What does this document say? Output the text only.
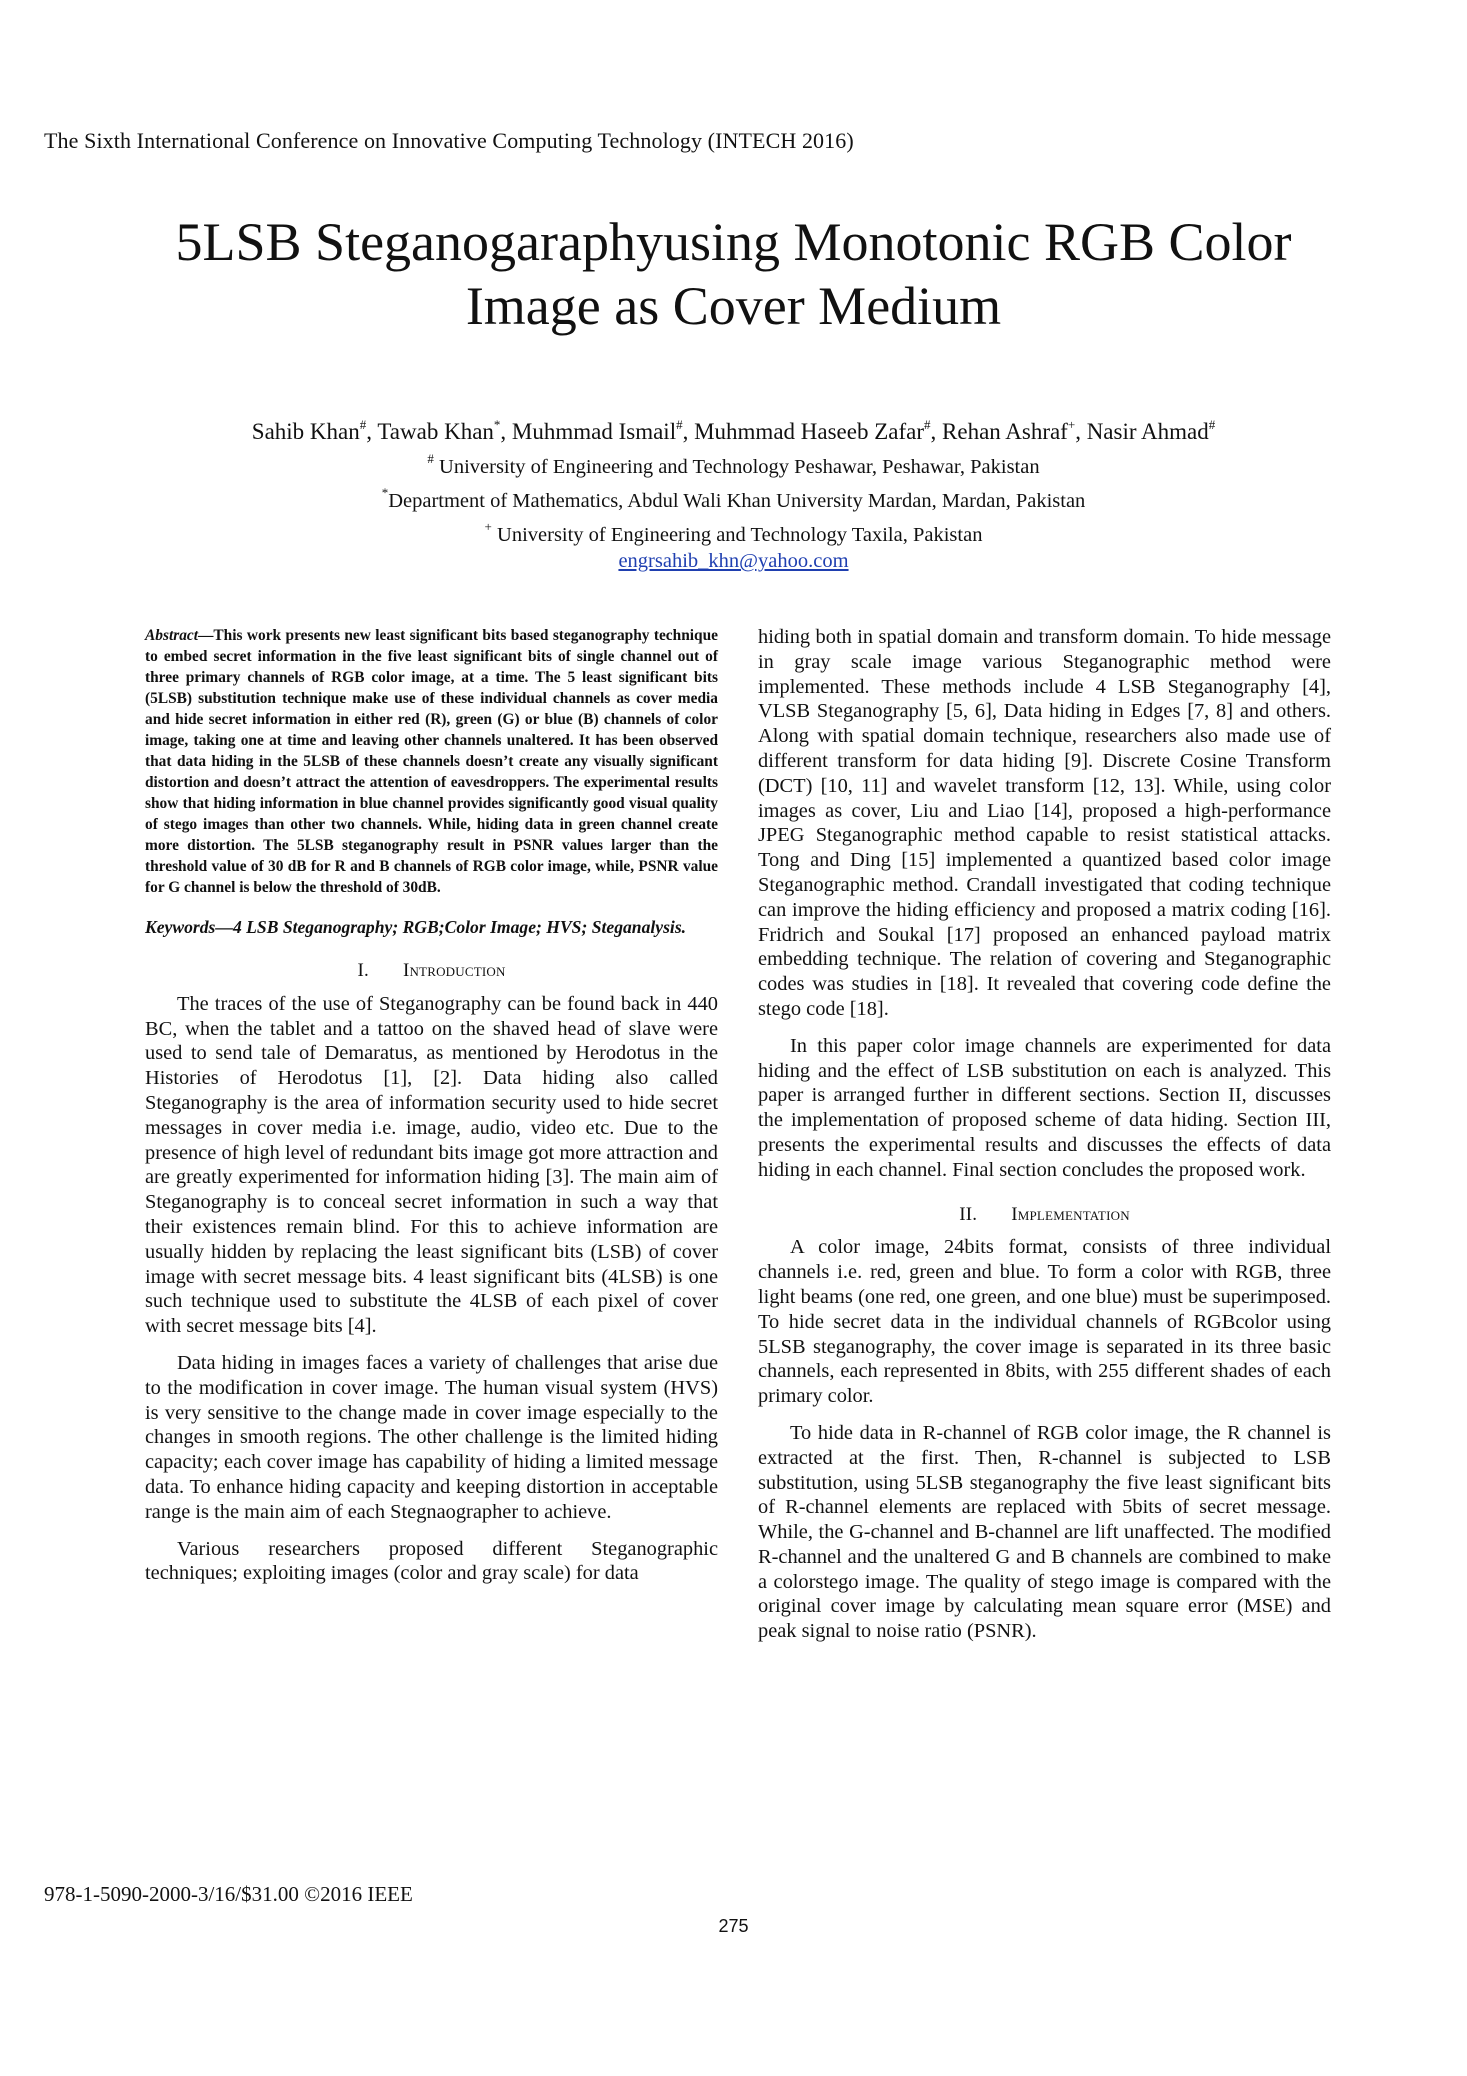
The Sixth International Conference on Innovative Computing Technology (INTECH 2016)
5LSB Steganogaraphyusing Monotonic RGB Color
Image as Cover Medium
Sahib Khan#, Tawab Khan*, Muhmmad Ismail#, Muhmmad Haseeb Zafar#, Rehan Ashraf+, Nasir Ahmad#
# University of Engineering and Technology Peshawar, Peshawar, Pakistan
*Department of Mathematics, Abdul Wali Khan University Mardan, Mardan, Pakistan
+ University of Engineering and Technology Taxila, Pakistan
engrsahib_khn@yahoo.com

Abstract—This work presents new least significant bits based steganography technique to embed secret information in the five least significant bits of single channel out of three primary channels of RGB color image, at a time. The 5 least significant bits (5LSB) substitution technique make use of these individual channels as cover media and hide secret information in either red (R), green (G) or blue (B) channels of color image, taking one at time and leaving other channels unaltered. It has been observed that data hiding in the 5LSB of these channels doesn’t create any visually significant distortion and doesn’t attract the attention of eavesdroppers. The experimental results show that hiding information in blue channel provides significantly good visual quality of stego images than other two channels. While, hiding data in green channel create more distortion. The 5LSB steganography result in PSNR values larger than the threshold value of 30 dB for R and B channels of RGB color image, while, PSNR value for G channel is below the threshold of 30dB.

Keywords—4 LSB Steganography; RGB;Color Image; HVS; Steganalysis.

I. Introduction

The traces of the use of Steganography can be found back in 440 BC, when the tablet and a tattoo on the shaved head of slave were used to send tale of Demaratus, as mentioned by Herodotus in the Histories of Herodotus [1], [2]. Data hiding also called Steganography is the area of information security used to hide secret messages in cover media i.e. image, audio, video etc. Due to the presence of high level of redundant bits image got more attraction and are greatly experimented for information hiding [3]. The main aim of Steganography is to conceal secret information in such a way that their existences remain blind. For this to achieve information are usually hidden by replacing the least significant bits (LSB) of cover image with secret message bits. 4 least significant bits (4LSB) is one such technique used to substitute the 4LSB of each pixel of cover with secret message bits [4].

Data hiding in images faces a variety of challenges that arise due to the modification in cover image. The human visual system (HVS) is very sensitive to the change made in cover image especially to the changes in smooth regions. The other challenge is the limited hiding capacity; each cover image has capability of hiding a limited message data. To enhance hiding capacity and keeping distortion in acceptable range is the main aim of each Stegnaographer to achieve.

Various researchers proposed different Steganographic techniques; exploiting images (color and gray scale) for data

hiding both in spatial domain and transform domain. To hide message in gray scale image various Steganographic method were implemented. These methods include 4 LSB Steganography [4], VLSB Steganography [5, 6], Data hiding in Edges [7, 8] and others. Along with spatial domain technique, researchers also made use of different transform for data hiding [9]. Discrete Cosine Transform (DCT) [10, 11] and wavelet transform [12, 13]. While, using color images as cover, Liu and Liao [14], proposed a high-performance JPEG Steganographic method capable to resist statistical attacks. Tong and Ding [15] implemented a quantized based color image Steganographic method. Crandall investigated that coding technique can improve the hiding efficiency and proposed a matrix coding [16]. Fridrich and Soukal [17] proposed an enhanced payload matrix embedding technique. The relation of covering and Steganographic codes was studies in [18]. It revealed that covering code define the stego code [18].

In this paper color image channels are experimented for data hiding and the effect of LSB substitution on each is analyzed. This paper is arranged further in different sections. Section II, discusses the implementation of proposed scheme of data hiding. Section III, presents the experimental results and discusses the effects of data hiding in each channel. Final section concludes the proposed work.

II. Implementation

A color image, 24bits format, consists of three individual channels i.e. red, green and blue. To form a color with RGB, three light beams (one red, one green, and one blue) must be superimposed. To hide secret data in the individual channels of RGBcolor using 5LSB steganography, the cover image is separated in its three basic channels, each represented in 8bits, with 255 different shades of each primary color.

To hide data in R-channel of RGB color image, the R channel is extracted at the first. Then, R-channel is subjected to LSB substitution, using 5LSB steganography the five least significant bits of R-channel elements are replaced with 5bits of secret message. While, the G-channel and B-channel are lift unaffected. The modified R-channel and the unaltered G and B channels are combined to make a colorstego image. The quality of stego image is compared with the original cover image by calculating mean square error (MSE) and peak signal to noise ratio (PSNR).

978-1-5090-2000-3/16/$31.00 ©2016 IEEE
275
